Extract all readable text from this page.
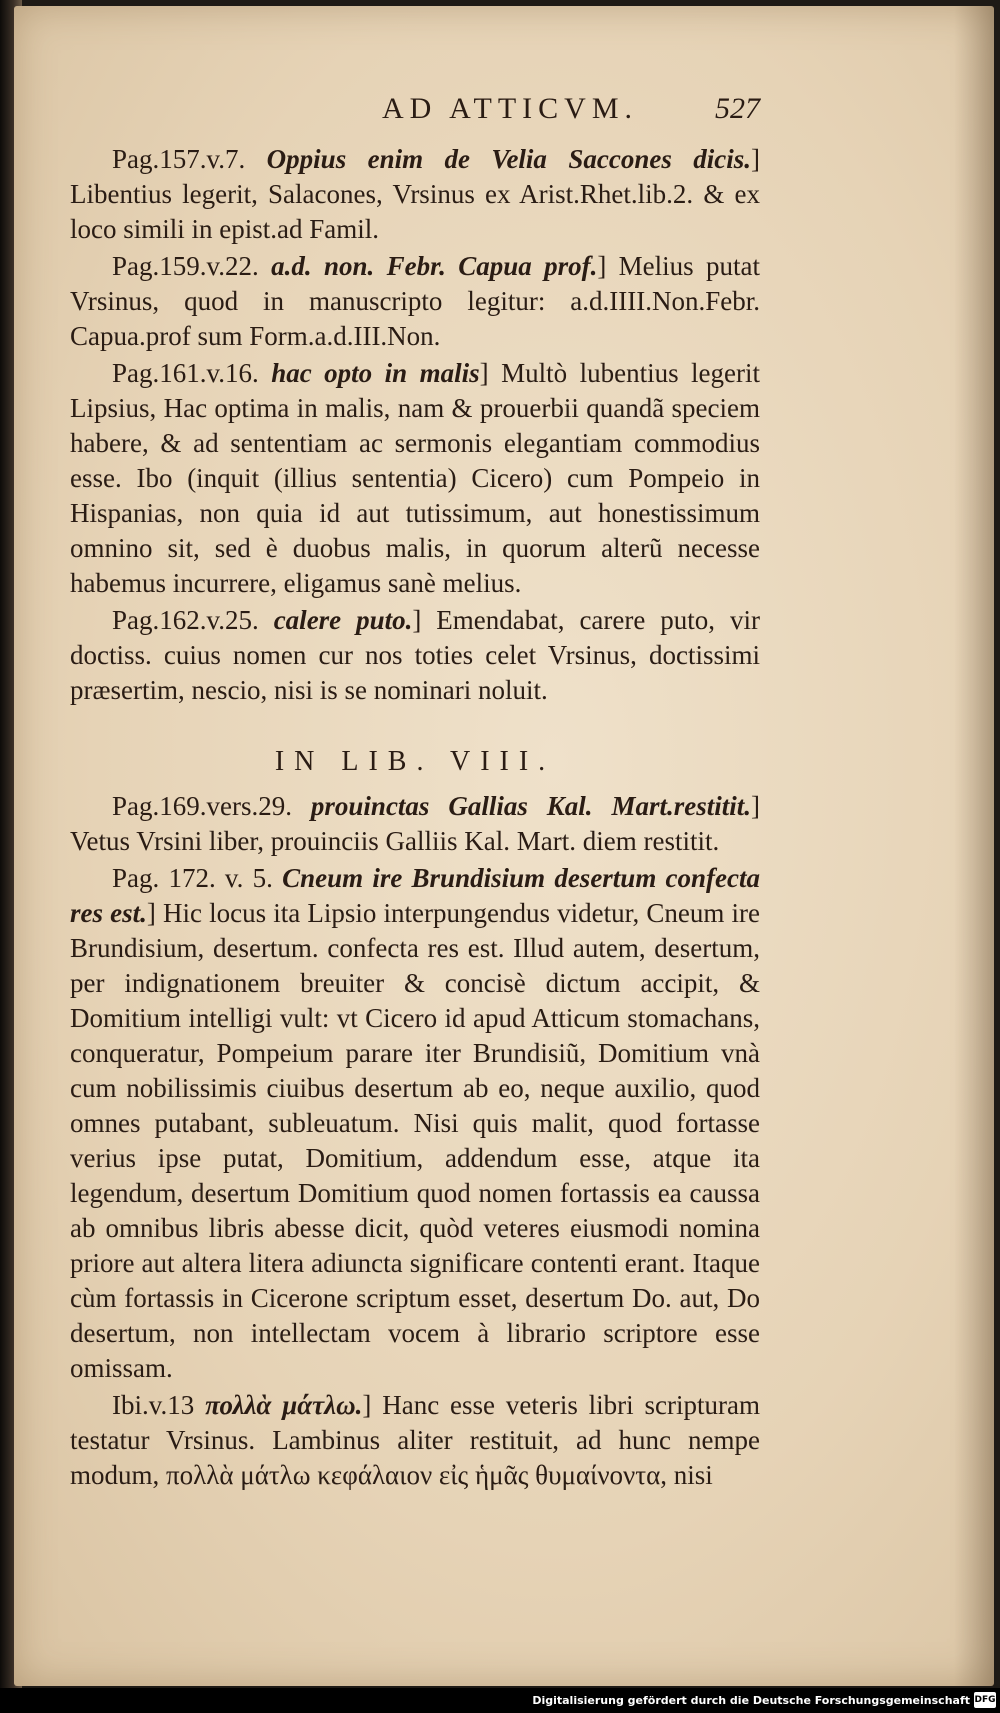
AD ATTICVM.	527

Pag.157.v.7. Oppius enim de Velia Saccones dicis.] Libentius legerit, Salacones, Vrsinus ex Arist.Rhet.lib.2. & ex loco simili in epist.ad Famil.

Pag.159.v.22. a.d. non. Febr. Capua prof.] Melius putat Vrsinus, quod in manuscripto legitur: a.d.IIII.Non.Febr. Capua.prof sum Form.a.d.III.Non.

Pag.161.v.16. hac opto in malis] Multò lubentius legerit Lipsius, Hac optima in malis, nam & prouerbii quandã speciem habere, & ad sententiam ac sermonis elegantiam commodius esse. Ibo (inquit (illius sententia) Cicero) cum Pompeio in Hispanias, non quia id aut tutissimum, aut honestissimum omnino sit, sed è duobus malis, in quorum alterũ necesse habemus incurrere, eligamus sanè melius.

Pag.162.v.25. calere puto.] Emendabat, carere puto, vir doctiss. cuius nomen cur nos toties celet Vrsinus, doctissimi præsertim, nescio, nisi is se nominari noluit.

IN LIB. VIII.

Pag.169.vers.29. prouinctas Gallias Kal. Mart.restitit.] Vetus Vrsini liber, prouinciis Galliis Kal. Mart. diem restitit.

Pag. 172. v. 5. Cneum ire Brundisium desertum confecta res est.] Hic locus ita Lipsio interpungendus videtur, Cneum ire Brundisium, desertum. confecta res est. Illud autem, desertum, per indignationem breuiter & concisè dictum accipit, & Domitium intelligi vult: vt Cicero id apud Atticum stomachans, conqueratur, Pompeium parare iter Brundisiũ, Domitium vnà cum nobilissimis ciuibus desertum ab eo, neque auxilio, quod omnes putabant, subleuatum. Nisi quis malit, quod fortasse verius ipse putat, Domitium, addendum esse, atque ita legendum, desertum Domitium quod nomen fortassis ea caussa ab omnibus libris abesse dicit, quòd veteres eiusmodi nomina priore aut altera litera adiuncta significare contenti erant. Itaque cùm fortassis in Cicerone scriptum esset, desertum Do. aut, Do desertum, non intellectam vocem à librario scriptore esse omissam.

Ibi.v.13 πολλὰ μάτλω.] Hanc esse veteris libri scripturam testatur Vrsinus. Lambinus aliter restituit, ad hunc nempe modum, πολλὰ μάτλω κεφάλαιον εἰς ἡμᾶς θυμαίνοντα, nisi

Digitalisierung gefördert durch die Deutsche Forschungsgemeinschaft DFG
